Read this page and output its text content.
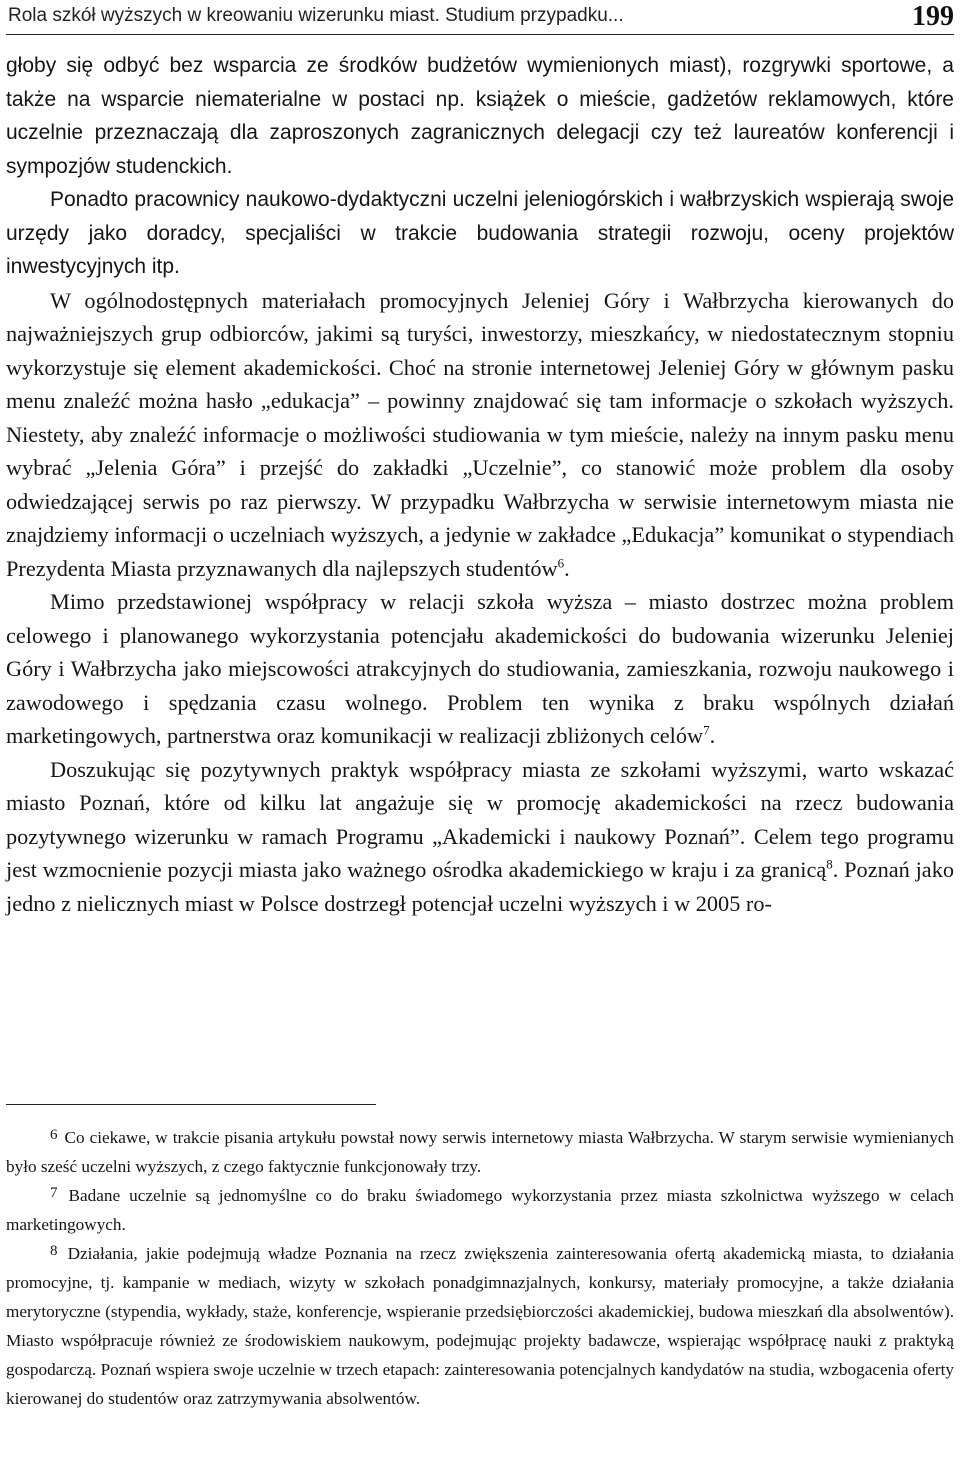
Rola szkół wyższych w kreowaniu wizerunku miast. Studium przypadku...	199

głoby się odbyć bez wsparcia ze środków budżetów wymienionych miast), rozgrywki sportowe, a także na wsparcie niematerialne w postaci np. książek o mieście, gadżetów reklamowych, które uczelnie przeznaczają dla zaproszonych zagranicznych delegacji czy też laureatów konferencji i sympozjów studenckich.

Ponadto pracownicy naukowo-dydaktyczni uczelni jeleniogórskich i wałbrzyskich wspierają swoje urzędy jako doradcy, specjaliści w trakcie budowania strategii rozwoju, oceny projektów inwestycyjnych itp.

W ogólnodostępnych materiałach promocyjnych Jeleniej Góry i Wałbrzycha kierowanych do najważniejszych grup odbiorców, jakimi są turyści, inwestorzy, mieszkańcy, w niedostatecznym stopniu wykorzystuje się element akademickości. Choć na stronie internetowej Jeleniej Góry w głównym pasku menu znaleźć można hasło „edukacja” – powinny znajdować się tam informacje o szkołach wyższych. Niestety, aby znaleźć informacje o możliwości studiowania w tym mieście, należy na innym pasku menu wybrać „Jelenia Góra” i przejść do zakładki „Uczelnie”, co stanowić może problem dla osoby odwiedzającej serwis po raz pierwszy. W przypadku Wałbrzycha w serwisie internetowym miasta nie znajdziemy informacji o uczelniach wyższych, a jedynie w zakładce „Edukacja” komunikat o stypendiach Prezydenta Miasta przyznawanych dla najlepszych studentów$^6$.

Mimo przedstawionej współpracy w relacji szkoła wyższa – miasto dostrzec można problem celowego i planowanego wykorzystania potencjału akademickości do budowania wizerunku Jeleniej Góry i Wałbrzycha jako miejscowości atrakcyjnych do studiowania, zamieszkania, rozwoju naukowego i zawodowego i spędzania czasu wolnego. Problem ten wynika z braku wspólnych działań marketingowych, partnerstwa oraz komunikacji w realizacji zbliżonych celów$^7$.

Doszukując się pozytywnych praktyk współpracy miasta ze szkołami wyższymi, warto wskazać miasto Poznań, które od kilku lat angażuje się w promocję akademickości na rzecz budowania pozytywnego wizerunku w ramach Programu „Akademicki i naukowy Poznań”. Celem tego programu jest wzmocnienie pozycji miasta jako ważnego ośrodka akademickiego w kraju i za granicą$^8$. Poznań jako jedno z nielicznych miast w Polsce dostrzegł potencjał uczelni wyższych i w 2005 ro-

6 Co ciekawe, w trakcie pisania artykułu powstał nowy serwis internetowy miasta Wałbrzycha. W starym serwisie wymienianych było sześć uczelni wyższych, z czego faktycznie funkcjonowały trzy.

7 Badane uczelnie są jednomyślne co do braku świadomego wykorzystania przez miasta szkolnictwa wyższego w celach marketingowych.

8 Działania, jakie podejmują władze Poznania na rzecz zwiększenia zainteresowania ofertą akademicką miasta, to działania promocyjne, tj. kampanie w mediach, wizyty w szkołach ponadgimnazjalnych, konkursy, materiały promocyjne, a także działania merytoryczne (stypendia, wykłady, staże, konferencje, wspieranie przedsiębiorczości akademickiej, budowa mieszkań dla absolwentów). Miasto współpracuje również ze środowiskiem naukowym, podejmując projekty badawcze, wspierając współpracę nauki z praktyką gospodarczą. Poznań wspiera swoje uczelnie w trzech etapach: zainteresowania potencjalnych kandydatów na studia, wzbogacenia oferty kierowanej do studentów oraz zatrzymywania absolwentów.
